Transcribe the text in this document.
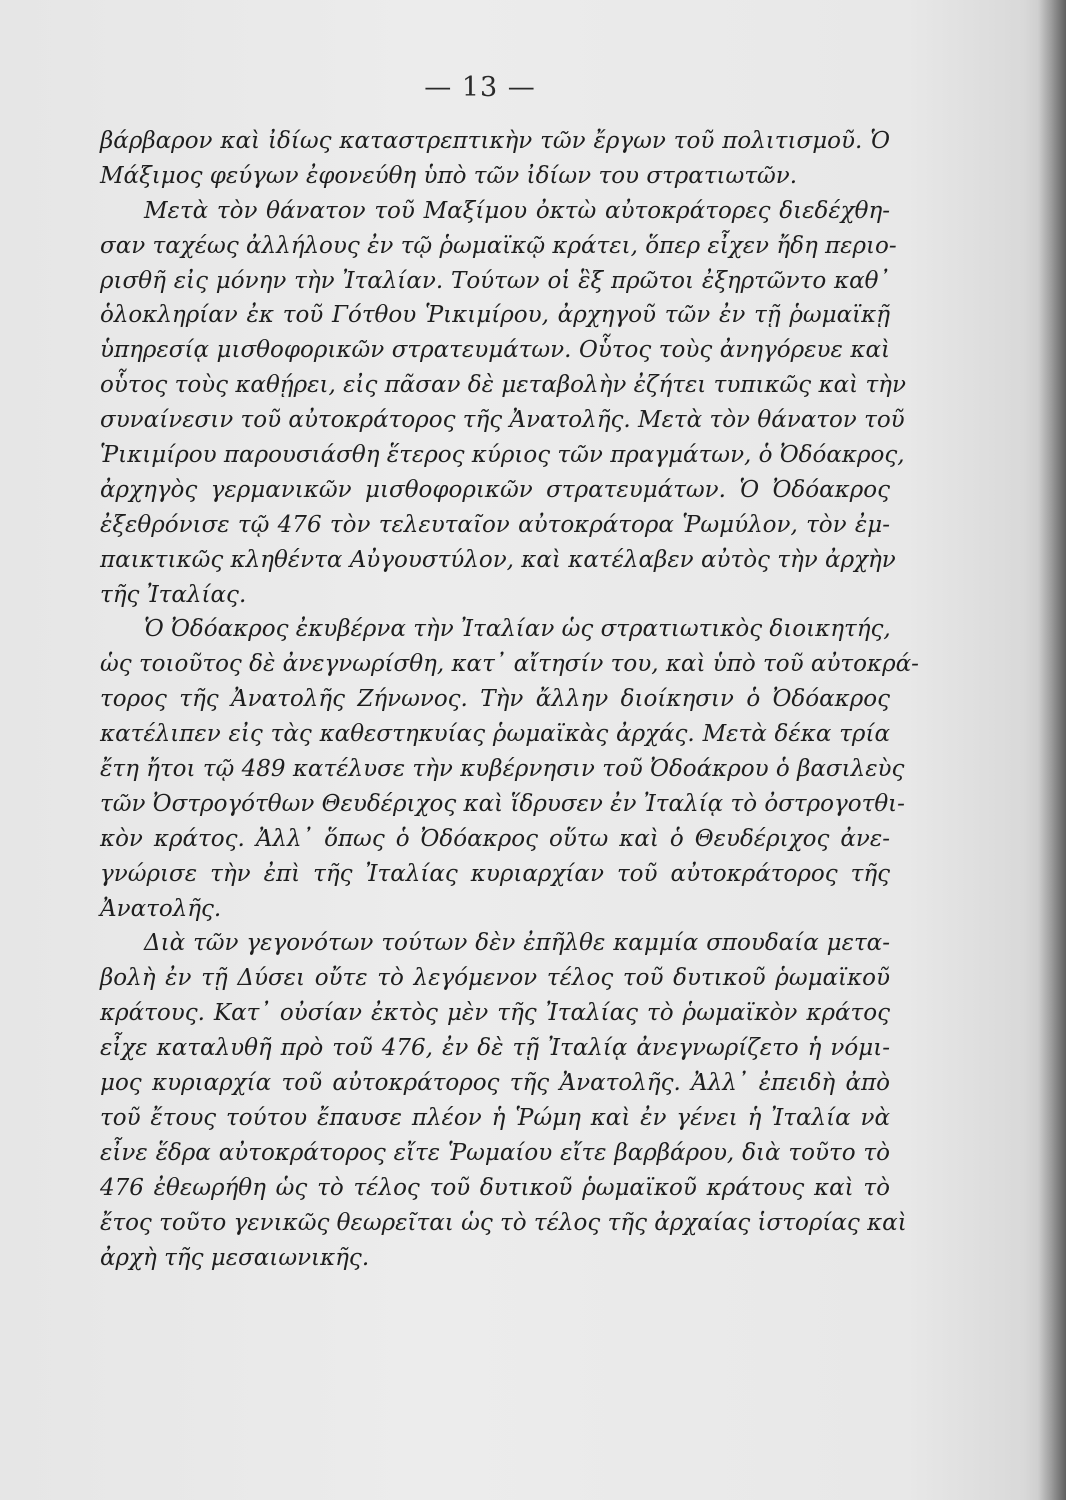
— 13 —
βάρβαρον καὶ ἰδίως καταστρεπτικὴν τῶν ἔργων τοῦ πολιτισμοῦ. Ὁ
Μάξιμος φεύγων ἐφονεύθη ὑπὸ τῶν ἰδίων του στρατιωτῶν.
Μετὰ τὸν θάνατον τοῦ Μαξίμου ὀκτὼ αὐτοκράτορες διεδέχθη-
σαν ταχέως ἀλλήλους ἐν τῷ ῥωμαϊκῷ κράτει, ὅπερ εἶχεν ἤδη περιο-
ρισθῆ εἰς μόνην τὴν Ἰταλίαν. Τούτων οἱ ἓξ πρῶτοι ἐξηρτῶντο καθ᾽
ὁλοκληρίαν ἐκ τοῦ Γότθου Ῥικιμίρου, ἀρχηγοῦ τῶν ἐν τῇ ῥωμαϊκῇ
ὑπηρεσίᾳ μισθοφορικῶν στρατευμάτων. Οὗτος τοὺς ἀνηγόρευε καὶ
οὗτος τοὺς καθῄρει, εἰς πᾶσαν δὲ μεταβολὴν ἐζήτει τυπικῶς καὶ τὴν
συναίνεσιν τοῦ αὐτοκράτορος τῆς Ἀνατολῆς. Μετὰ τὸν θάνατον τοῦ
Ῥικιμίρου παρουσιάσθη ἕτερος κύριος τῶν πραγμάτων, ὁ Ὀδόακρος,
ἀρχηγὸς γερμανικῶν μισθοφορικῶν στρατευμάτων. Ὁ Ὀδόακρος
ἐξεθρόνισε τῷ 476 τὸν τελευταῖον αὐτοκράτορα Ῥωμύλον, τὸν ἐμ-
παικτικῶς κληθέντα Αὐγουστύλον, καὶ κατέλαβεν αὐτὸς τὴν ἀρχὴν
τῆς Ἰταλίας.
Ὁ Ὀδόακρος ἐκυβέρνα τὴν Ἰταλίαν ὡς στρατιωτικὸς διοικητής,
ὡς τοιοῦτος δὲ ἀνεγνωρίσθη, κατ᾽ αἴτησίν του, καὶ ὑπὸ τοῦ αὐτοκρά-
τορος τῆς Ἀνατολῆς Ζήνωνος. Τὴν ἄλλην διοίκησιν ὁ Ὀδόακρος
κατέλιπεν εἰς τὰς καθεστηκυίας ῥωμαϊκὰς ἀρχάς. Μετὰ δέκα τρία
ἔτη ἤτοι τῷ 489 κατέλυσε τὴν κυβέρνησιν τοῦ Ὀδοάκρου ὁ βασιλεὺς
τῶν Ὀστρογότθων Θευδέριχος καὶ ἵδρυσεν ἐν Ἰταλίᾳ τὸ ὀστρογοτθι-
κὸν κράτος. Ἀλλ᾽ ὅπως ὁ Ὀδόακρος οὕτω καὶ ὁ Θευδέριχος ἀνε-
γνώρισε τὴν ἐπὶ τῆς Ἰταλίας κυριαρχίαν τοῦ αὐτοκράτορος τῆς
Ἀνατολῆς.
Διὰ τῶν γεγονότων τούτων δὲν ἐπῆλθε καμμία σπουδαία μετα-
βολὴ ἐν τῇ Δύσει οὔτε τὸ λεγόμενον τέλος τοῦ δυτικοῦ ῥωμαϊκοῦ
κράτους. Κατ᾽ οὐσίαν ἐκτὸς μὲν τῆς Ἰταλίας τὸ ῥωμαϊκὸν κράτος
εἶχε καταλυθῆ πρὸ τοῦ 476, ἐν δὲ τῇ Ἰταλίᾳ ἀνεγνωρίζετο ἡ νόμι-
μος κυριαρχία τοῦ αὐτοκράτορος τῆς Ἀνατολῆς. Ἀλλ᾽ ἐπειδὴ ἀπὸ
τοῦ ἔτους τούτου ἔπαυσε πλέον ἡ Ῥώμη καὶ ἐν γένει ἡ Ἰταλία νὰ
εἶνε ἕδρα αὐτοκράτορος εἴτε Ῥωμαίου εἴτε βαρβάρου, διὰ τοῦτο τὸ
476 ἐθεωρήθη ὡς τὸ τέλος τοῦ δυτικοῦ ῥωμαϊκοῦ κράτους καὶ τὸ
ἔτος τοῦτο γενικῶς θεωρεῖται ὡς τὸ τέλος τῆς ἀρχαίας ἱστορίας καὶ
ἀρχὴ τῆς μεσαιωνικῆς.
